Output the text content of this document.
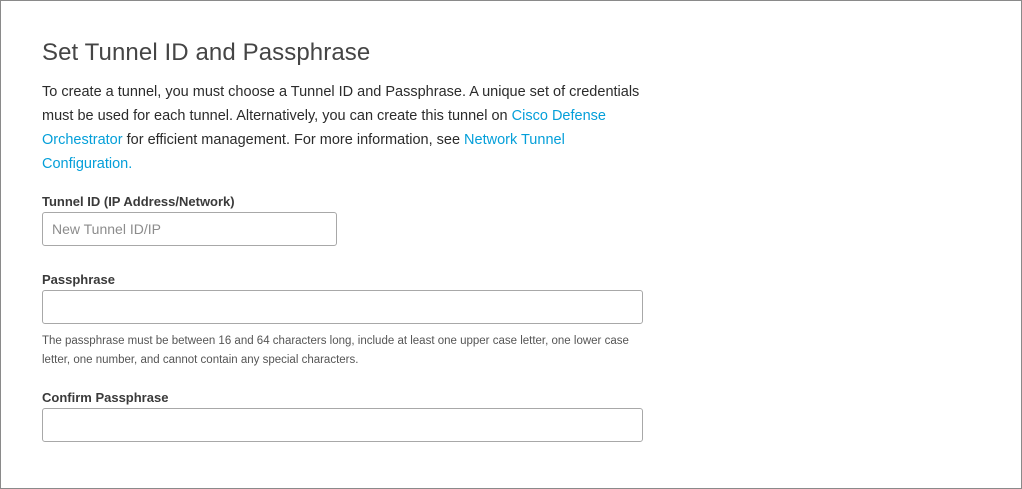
Set Tunnel ID and Passphrase

To create a tunnel, you must choose a Tunnel ID and Passphrase. A unique set of credentials must be used for each tunnel. Alternatively, you can create this tunnel on Cisco Defense Orchestrator for efficient management. For more information, see Network Tunnel Configuration.

Tunnel ID (IP Address/Network)
New Tunnel ID/IP
Passphrase

The passphrase must be between 16 and 64 characters long, include at least one upper case letter, one lower case letter, one number, and cannot contain any special characters.

Confirm Passphrase
